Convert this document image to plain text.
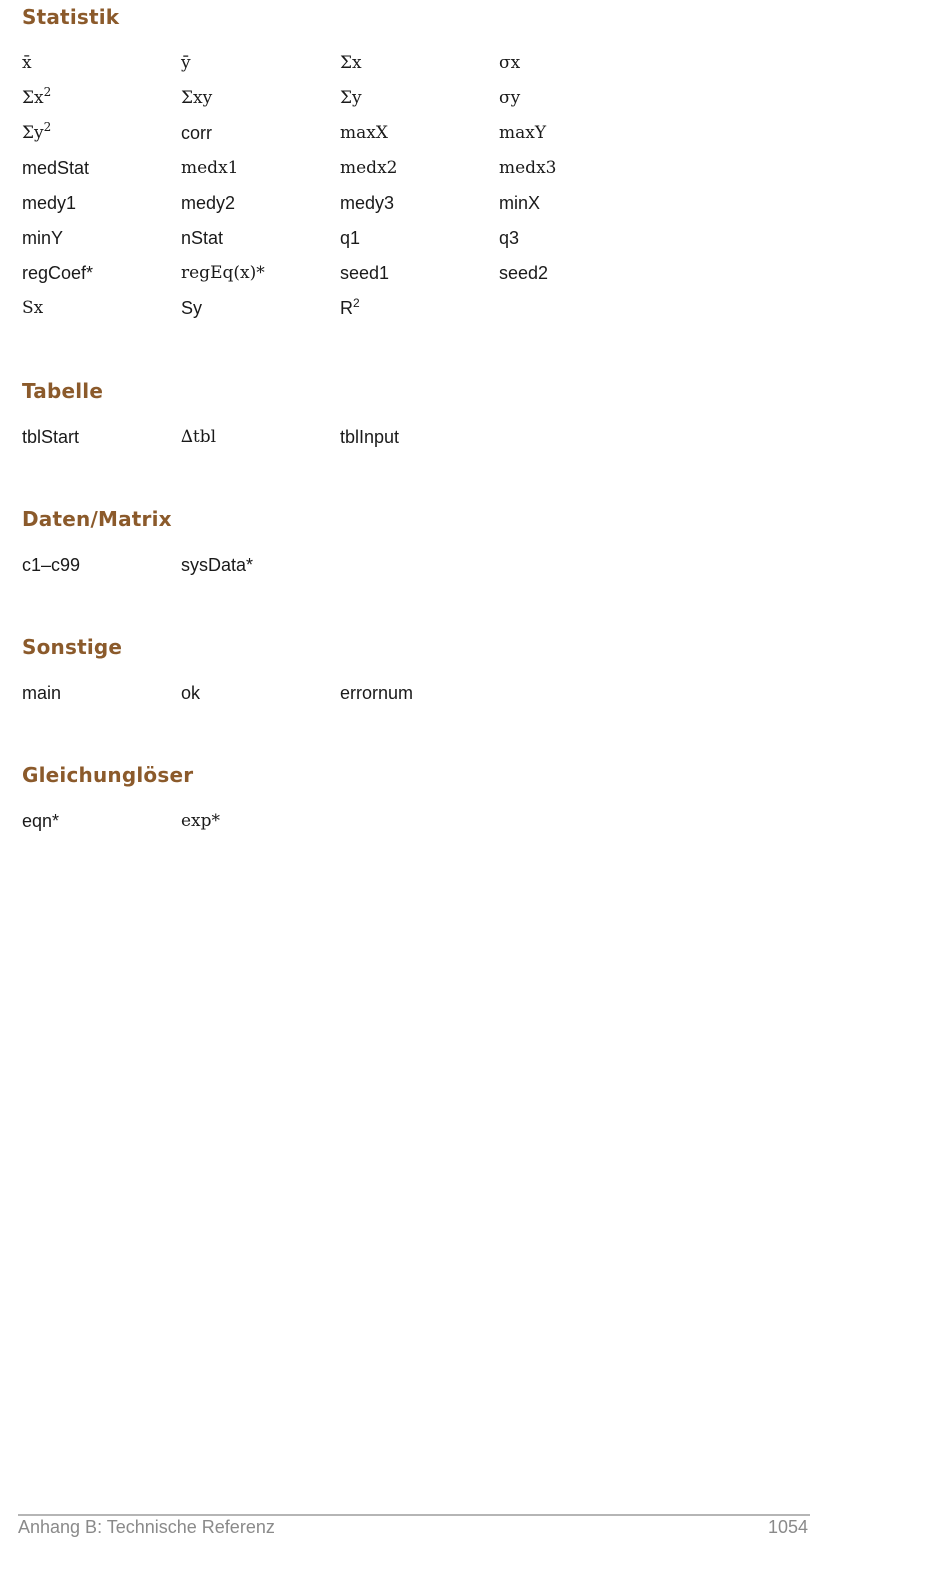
Statistik
x̄	ȳ	Σx	σx
$\Sigma x^2$	Σxy	Σy	σy
$\Sigma y^2$	corr	maxX	maxY
medStat	medx1	medx2	medx3
medy1	medy2	medy3	minX
minY	nStat	q1	q3
regCoef*	regEq(x)*	seed1	seed2
Sx	Sy	$R^2$
Tabelle
tblStart	∆tbl	tblInput
Daten/Matrix
c1–c99	sysData*
Sonstige
main	ok	errornum
Gleichunglöser
eqn*	exp*
Anhang B: Technische Referenz	1054
